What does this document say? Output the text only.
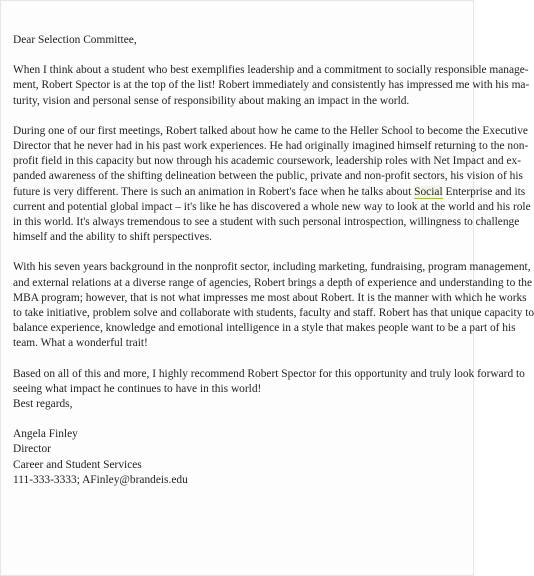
Dear Selection Committee,
When I think about a student who best exemplifies leadership and a commitment to socially responsible manage-
ment, Robert Spector is at the top of the list! Robert immediately and consistently has impressed me with his ma-
turity, vision and personal sense of responsibility about making an impact in the world.
During one of our first meetings, Robert talked about how he came to the Heller School to become the Executive
Director that he never had in his past work experiences. He had originally imagined himself returning to the non-
profit field in this capacity but now through his academic coursework, leadership roles with Net Impact and ex-
panded awareness of the shifting delineation between the public, private and non-profit sectors, his vision of his
future is very different. There is such an animation in Robert's face when he talks about Social Enterprise and its
current and potential global impact – it's like he has discovered a whole new way to look at the world and his role
in this world. It's always tremendous to see a student with such personal introspection, willingness to challenge
himself and the ability to shift perspectives.
With his seven years background in the nonprofit sector, including marketing, fundraising, program management,
and external relations at a diverse range of agencies, Robert brings a depth of experience and understanding to the
MBA program; however, that is not what impresses me most about Robert. It is the manner with which he works
to take initiative, problem solve and collaborate with students, faculty and staff. Robert has that unique capacity to
balance experience, knowledge and emotional intelligence in a style that makes people want to be a part of his
team. What a wonderful trait!
Based on all of this and more, I highly recommend Robert Spector for this opportunity and truly look forward to
seeing what impact he continues to have in this world!
Best regards,
Angela Finley
Director
Career and Student Services
111-333-3333; AFinley@brandeis.edu
